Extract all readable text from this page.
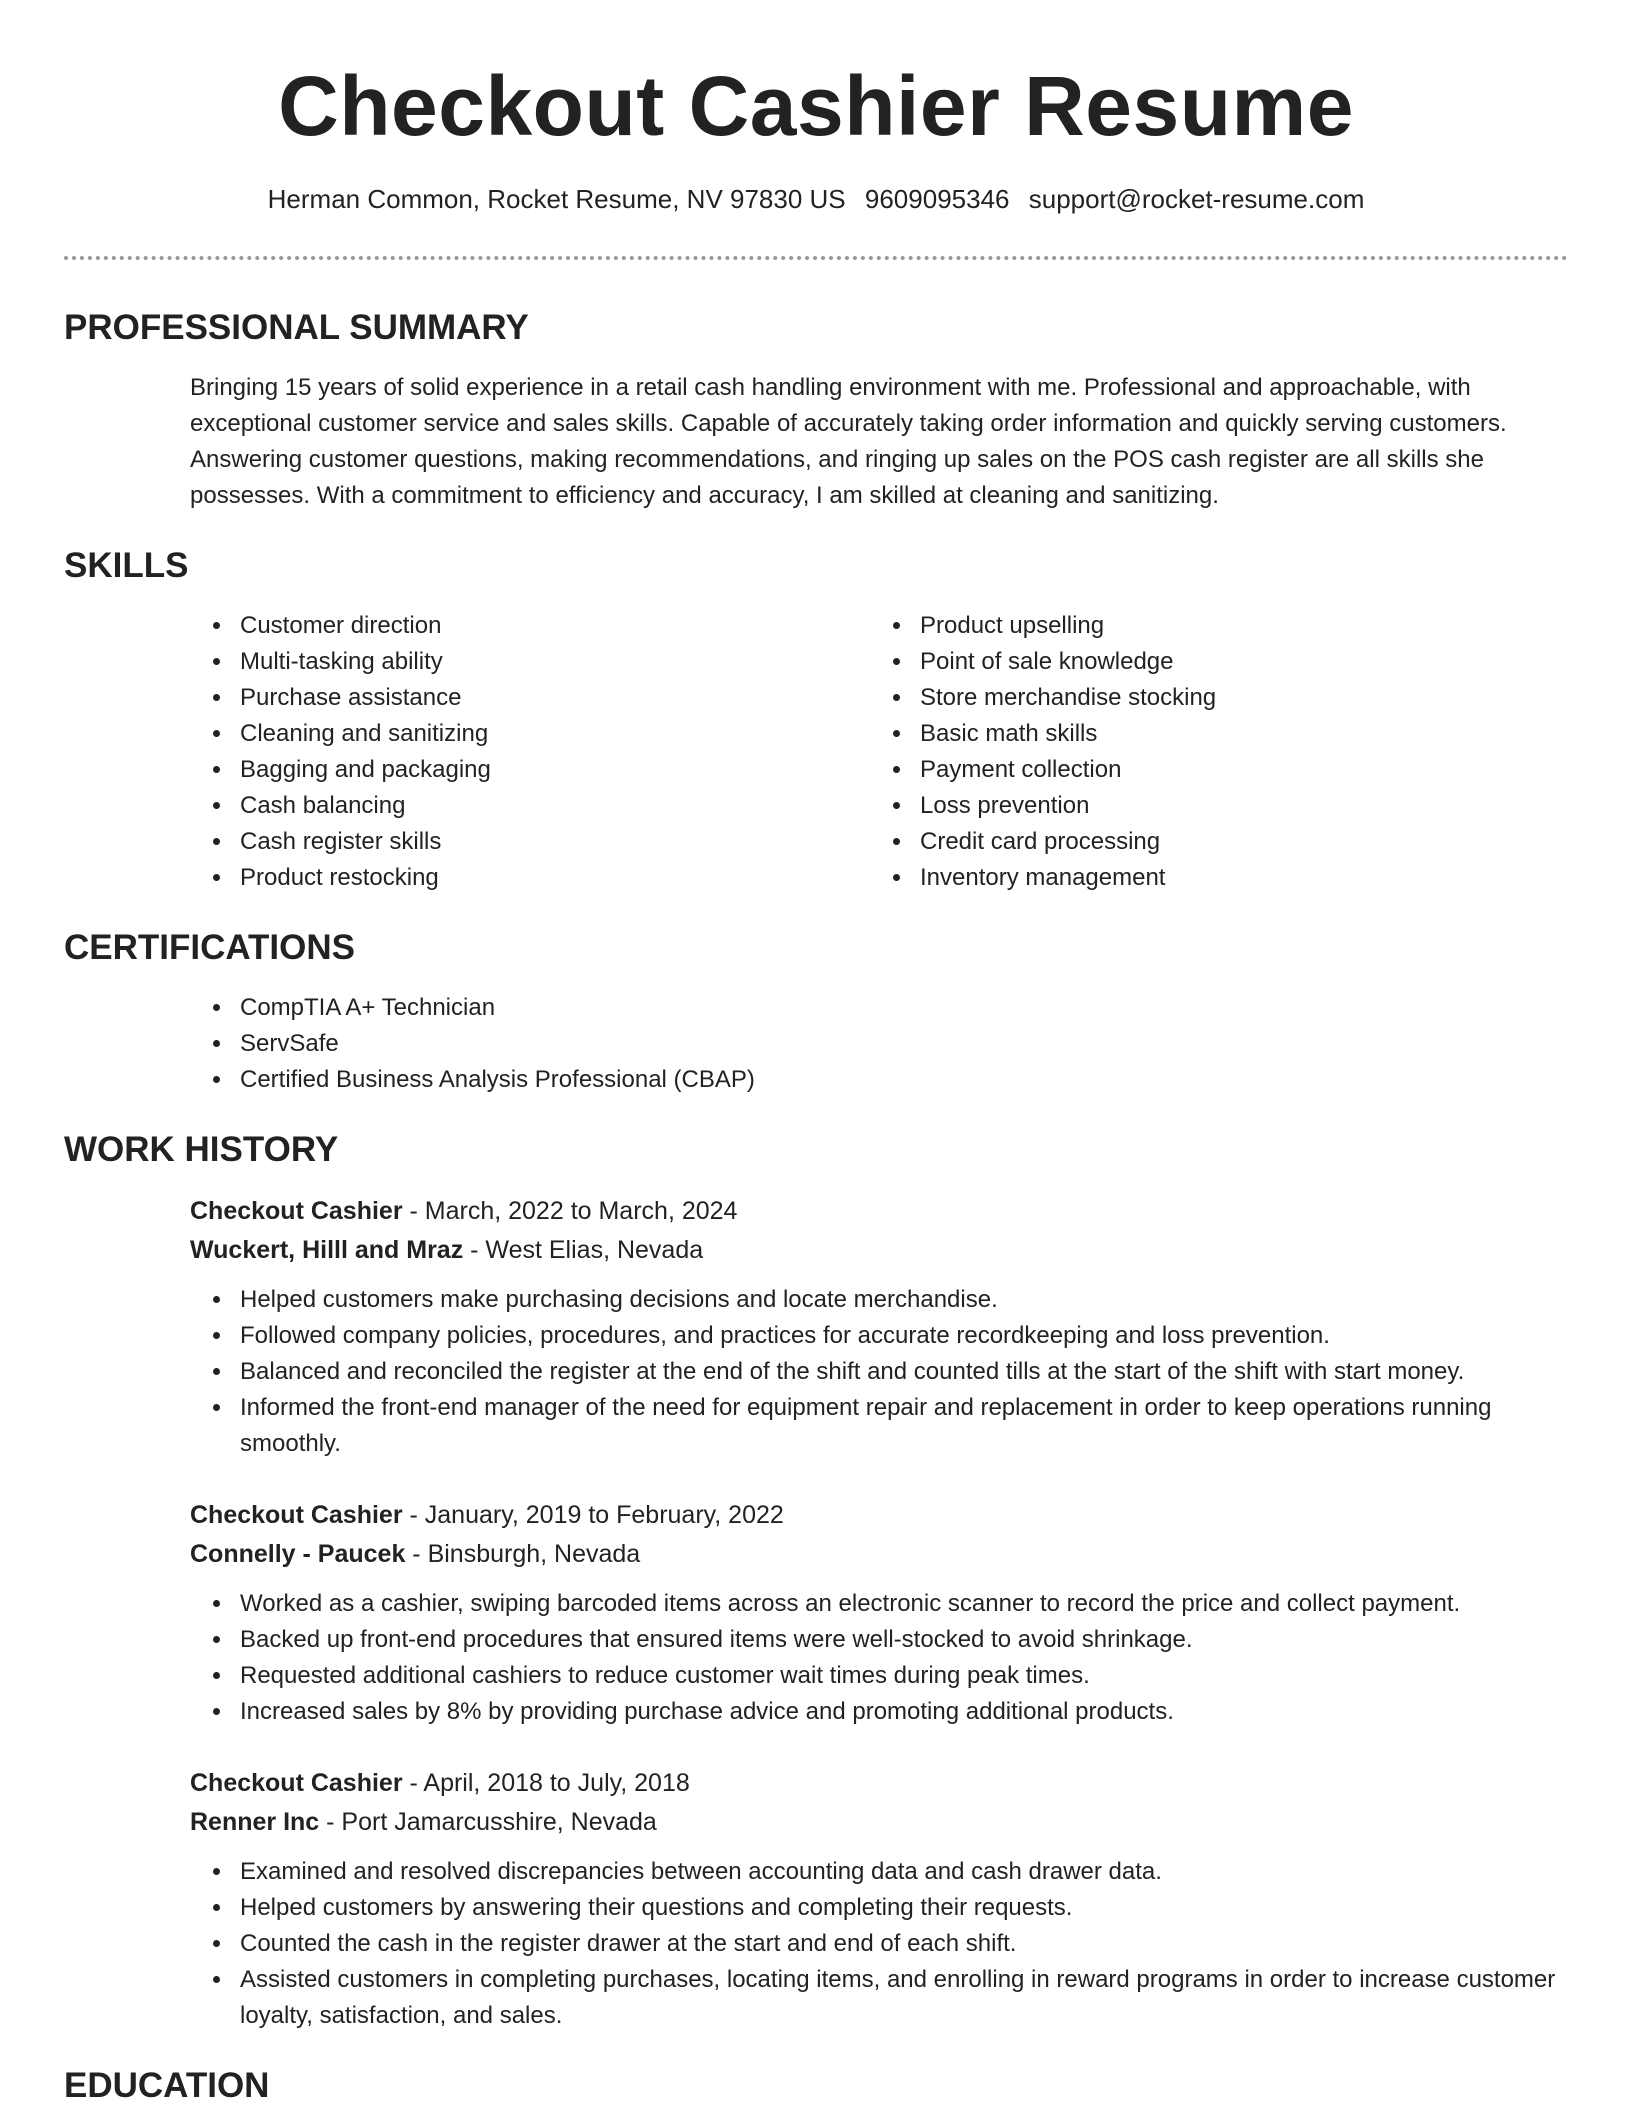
Checkout Cashier Resume
Herman Common, Rocket Resume, NV 97830 US 9609095346 support@rocket-resume.com
PROFESSIONAL SUMMARY

Bringing 15 years of solid experience in a retail cash handling environment with me. Professional and approachable, with exceptional customer service and sales skills. Capable of accurately taking order information and quickly serving customers. Answering customer questions, making recommendations, and ringing up sales on the POS cash register are all skills she possesses. With a commitment to efficiency and accuracy, I am skilled at cleaning and sanitizing.

SKILLS
• Customer direction
• Multi-tasking ability
• Purchase assistance
• Cleaning and sanitizing
• Bagging and packaging
• Cash balancing
• Cash register skills
• Product restocking
• Product upselling
• Point of sale knowledge
• Store merchandise stocking
• Basic math skills
• Payment collection
• Loss prevention
• Credit card processing
• Inventory management
CERTIFICATIONS
• CompTIA A+ Technician
• ServSafe
• Certified Business Analysis Professional (CBAP)
WORK HISTORY
Checkout Cashier - March, 2022 to March, 2024
Wuckert, Hilll and Mraz - West Elias, Nevada
• Helped customers make purchasing decisions and locate merchandise.
• Followed company policies, procedures, and practices for accurate recordkeeping and loss prevention.
• Balanced and reconciled the register at the end of the shift and counted tills at the start of the shift with start money.
• Informed the front-end manager of the need for equipment repair and replacement in order to keep operations running smoothly.
Checkout Cashier - January, 2019 to February, 2022
Connelly - Paucek - Binsburgh, Nevada
• Worked as a cashier, swiping barcoded items across an electronic scanner to record the price and collect payment.
• Backed up front-end procedures that ensured items were well-stocked to avoid shrinkage.
• Requested additional cashiers to reduce customer wait times during peak times.
• Increased sales by 8% by providing purchase advice and promoting additional products.
Checkout Cashier - April, 2018 to July, 2018
Renner Inc - Port Jamarcusshire, Nevada
• Examined and resolved discrepancies between accounting data and cash drawer data.
• Helped customers by answering their questions and completing their requests.
• Counted the cash in the register drawer at the start and end of each shift.
• Assisted customers in completing purchases, locating items, and enrolling in reward programs in order to increase customer loyalty, satisfaction, and sales.
EDUCATION
